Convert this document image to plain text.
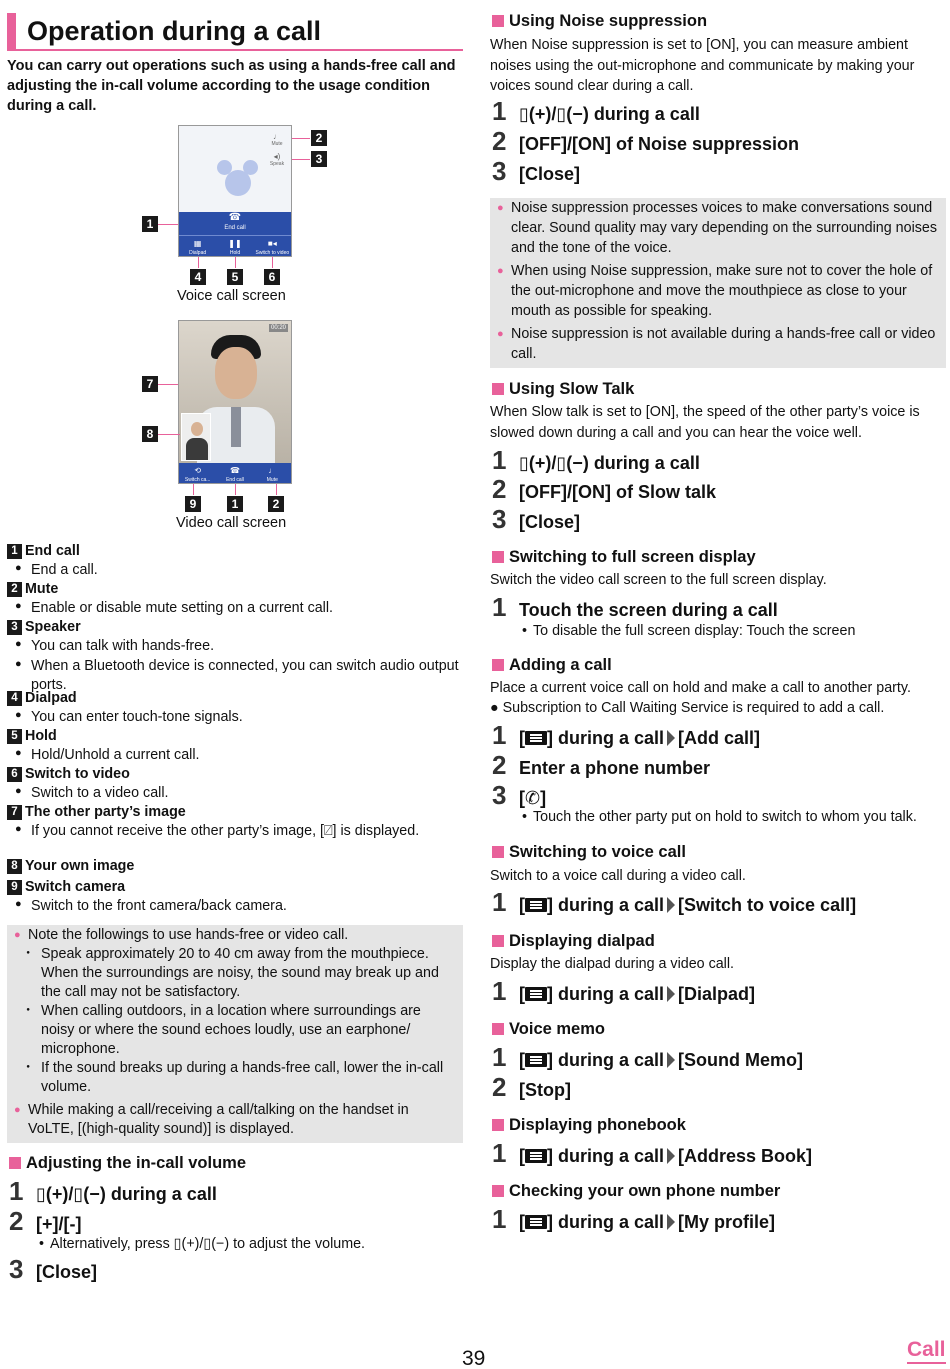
Operation during a call
You can carry out operations such as using a hands-free call and adjusting the in-call volume according to the usage condition during a call.
♩
Mute
◂)
Speak
☎
End call
▦
Dialpad
❚❚
Hold
■◂
Switch to video
2
3
1
4	5	6
Voice call screen
00:20
⟲
Switch ca...
☎
End call
♩
Mute
7
8
9	1	2
Video call screen
1 End call
● End a call.
2 Mute
● Enable or disable mute setting on a current call.
3 Speaker
● You can talk with hands-free.
● When a Bluetooth device is connected, you can switch audio output ports.
4 Dialpad
● You can enter touch-tone signals.
5 Hold
● Hold/Unhold a current call.
6 Switch to video
● Switch to a video call.
7 The other party’s image
● If you cannot receive the other party’s image, [⍁] is displayed.
8 Your own image
9 Switch camera
● Switch to the front camera/back camera.
● Note the followings to use hands-free or video call.
・ Speak approximately 20 to 40 cm away from the mouthpiece. When the surroundings are noisy, the sound may break up and the call may not be satisfactory.
・ When calling outdoors, in a location where surroundings are noisy or where the sound echoes loudly, use an earphone/ microphone.
・ If the sound breaks up during a hands-free call, lower the in-call volume.
● While making a call/receiving a call/talking on the handset in VoLTE, [(high-quality sound)] is displayed.
Adjusting the in-call volume
1 ▯(+)/▯(−) during a call
2 [+]/[-]
• Alternatively, press ▯(+)/▯(−) to adjust the volume.
3 [Close]
Using Noise suppression
When Noise suppression is set to [ON], you can measure ambient noises using the out-microphone and communicate by making your voices sound clear during a call.
1 ▯(+)/▯(−) during a call
2 [OFF]/[ON] of Noise suppression
3 [Close]
● Noise suppression processes voices to make conversations sound clear. Sound quality may vary depending on the surrounding noises and the tone of the voice.
● When using Noise suppression, make sure not to cover the hole of the out-microphone and move the mouthpiece as close to your mouth as possible for speaking.
● Noise suppression is not available during a hands-free call or video call.
Using Slow Talk
When Slow talk is set to [ON], the speed of the other party’s voice is slowed down during a call and you can hear the voice well.
1 ▯(+)/▯(−) during a call
2 [OFF]/[ON] of Slow talk
3 [Close]
Switching to full screen display
Switch the video call screen to the full screen display.
1 Touch the screen during a call
• To disable the full screen display: Touch the screen
Adding a call
Place a current voice call on hold and make a call to another party.
● Subscription to Call Waiting Service is required to add a call.
1 [ ] during a call [Add call]
2 Enter a phone number
3 [✆]
• Touch the other party put on hold to switch to whom you talk.
Switching to voice call
Switch to a voice call during a video call.
1 [ ] during a call [Switch to voice call]
Displaying dialpad
Display the dialpad during a video call.
1 [ ] during a call [Dialpad]
Voice memo
1 [ ] during a call [Sound Memo]
2 [Stop]
Displaying phonebook
1 [ ] during a call [Address Book]
Checking your own phone number
1 [ ] during a call [My profile]
39	Call
